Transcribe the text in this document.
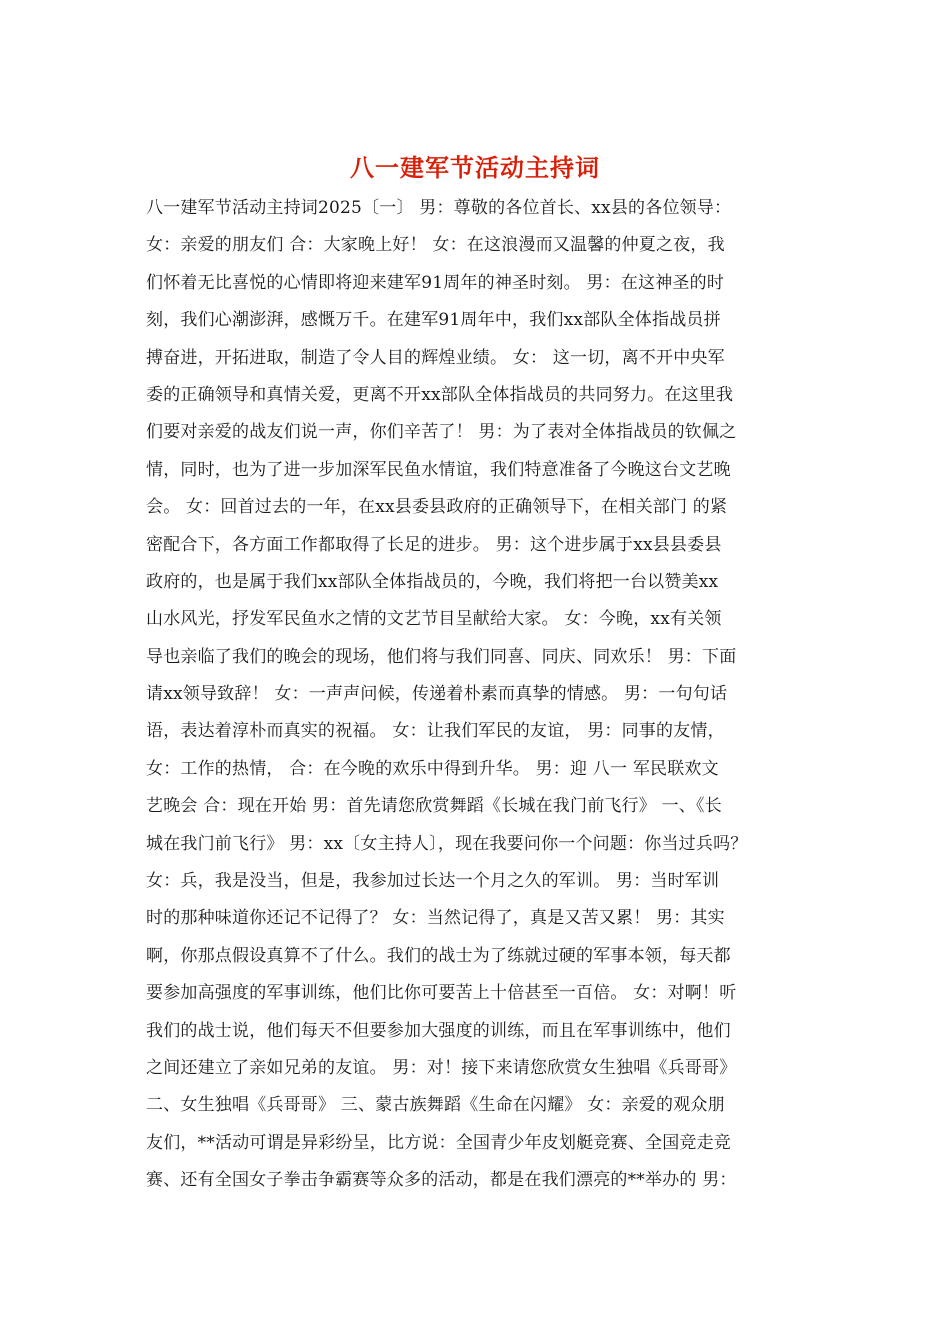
八一建军节活动主持词
八一建军节活动主持词2025〔一〕 男：尊敬的各位首长、xx县的各位领导：
女：亲爱的朋友们 合：大家晚上好！ 女：在这浪漫而又温馨的仲夏之夜，我
们怀着无比喜悦的心情即将迎来建军91周年的神圣时刻。 男：在这神圣的时
刻，我们心潮澎湃，感慨万千。在建军91周年中，我们xx部队全体指战员拼
搏奋进，开拓进取，制造了令人目的辉煌业绩。 女： 这一切，离不开中央军
委的正确领导和真情关爱，更离不开xx部队全体指战员的共同努力。在这里我
们要对亲爱的战友们说一声，你们辛苦了！ 男：为了表对全体指战员的钦佩之
情，同时，也为了进一步加深军民鱼水情谊，我们特意准备了今晚这台文艺晚
会。 女：回首过去的一年，在xx县委县政府的正确领导下，在相关部门 的紧
密配合下，各方面工作都取得了长足的进步。 男：这个进步属于xx县县委县
政府的，也是属于我们xx部队全体指战员的，今晚，我们将把一台以赞美xx
山水风光，抒发军民鱼水之情的文艺节目呈献给大家。 女：今晚，xx有关领
导也亲临了我们的晚会的现场，他们将与我们同喜、同庆、同欢乐！ 男：下面
请xx领导致辞！ 女：一声声问候，传递着朴素而真挚的情感。 男：一句句话
语，表达着淳朴而真实的祝福。 女：让我们军民的友谊， 男：同事的友情，
女：工作的热情， 合：在今晚的欢乐中得到升华。 男：迎 八一 军民联欢文
艺晚会 合：现在开始 男：首先请您欣赏舞蹈《长城在我门前飞行》 一、《长
城在我门前飞行》 男：xx〔女主持人〕，现在我要问你一个问题：你当过兵吗？
女：兵，我是没当，但是，我参加过长达一个月之久的军训。 男：当时军训
时的那种味道你还记不记得了？ 女：当然记得了，真是又苦又累！ 男：其实
啊，你那点假设真算不了什么。我们的战士为了练就过硬的军事本领，每天都
要参加高强度的军事训练，他们比你可要苦上十倍甚至一百倍。 女：对啊！听
我们的战士说，他们每天不但要参加大强度的训练，而且在军事训练中，他们
之间还建立了亲如兄弟的友谊。 男：对！接下来请您欣赏女生独唱《兵哥哥》
二、女生独唱《兵哥哥》 三、蒙古族舞蹈《生命在闪耀》 女：亲爱的观众朋
友们，**活动可谓是异彩纷呈，比方说：全国青少年皮划艇竞赛、全国竞走竞
赛、还有全国女子拳击争霸赛等众多的活动，都是在我们漂亮的**举办的 男：
